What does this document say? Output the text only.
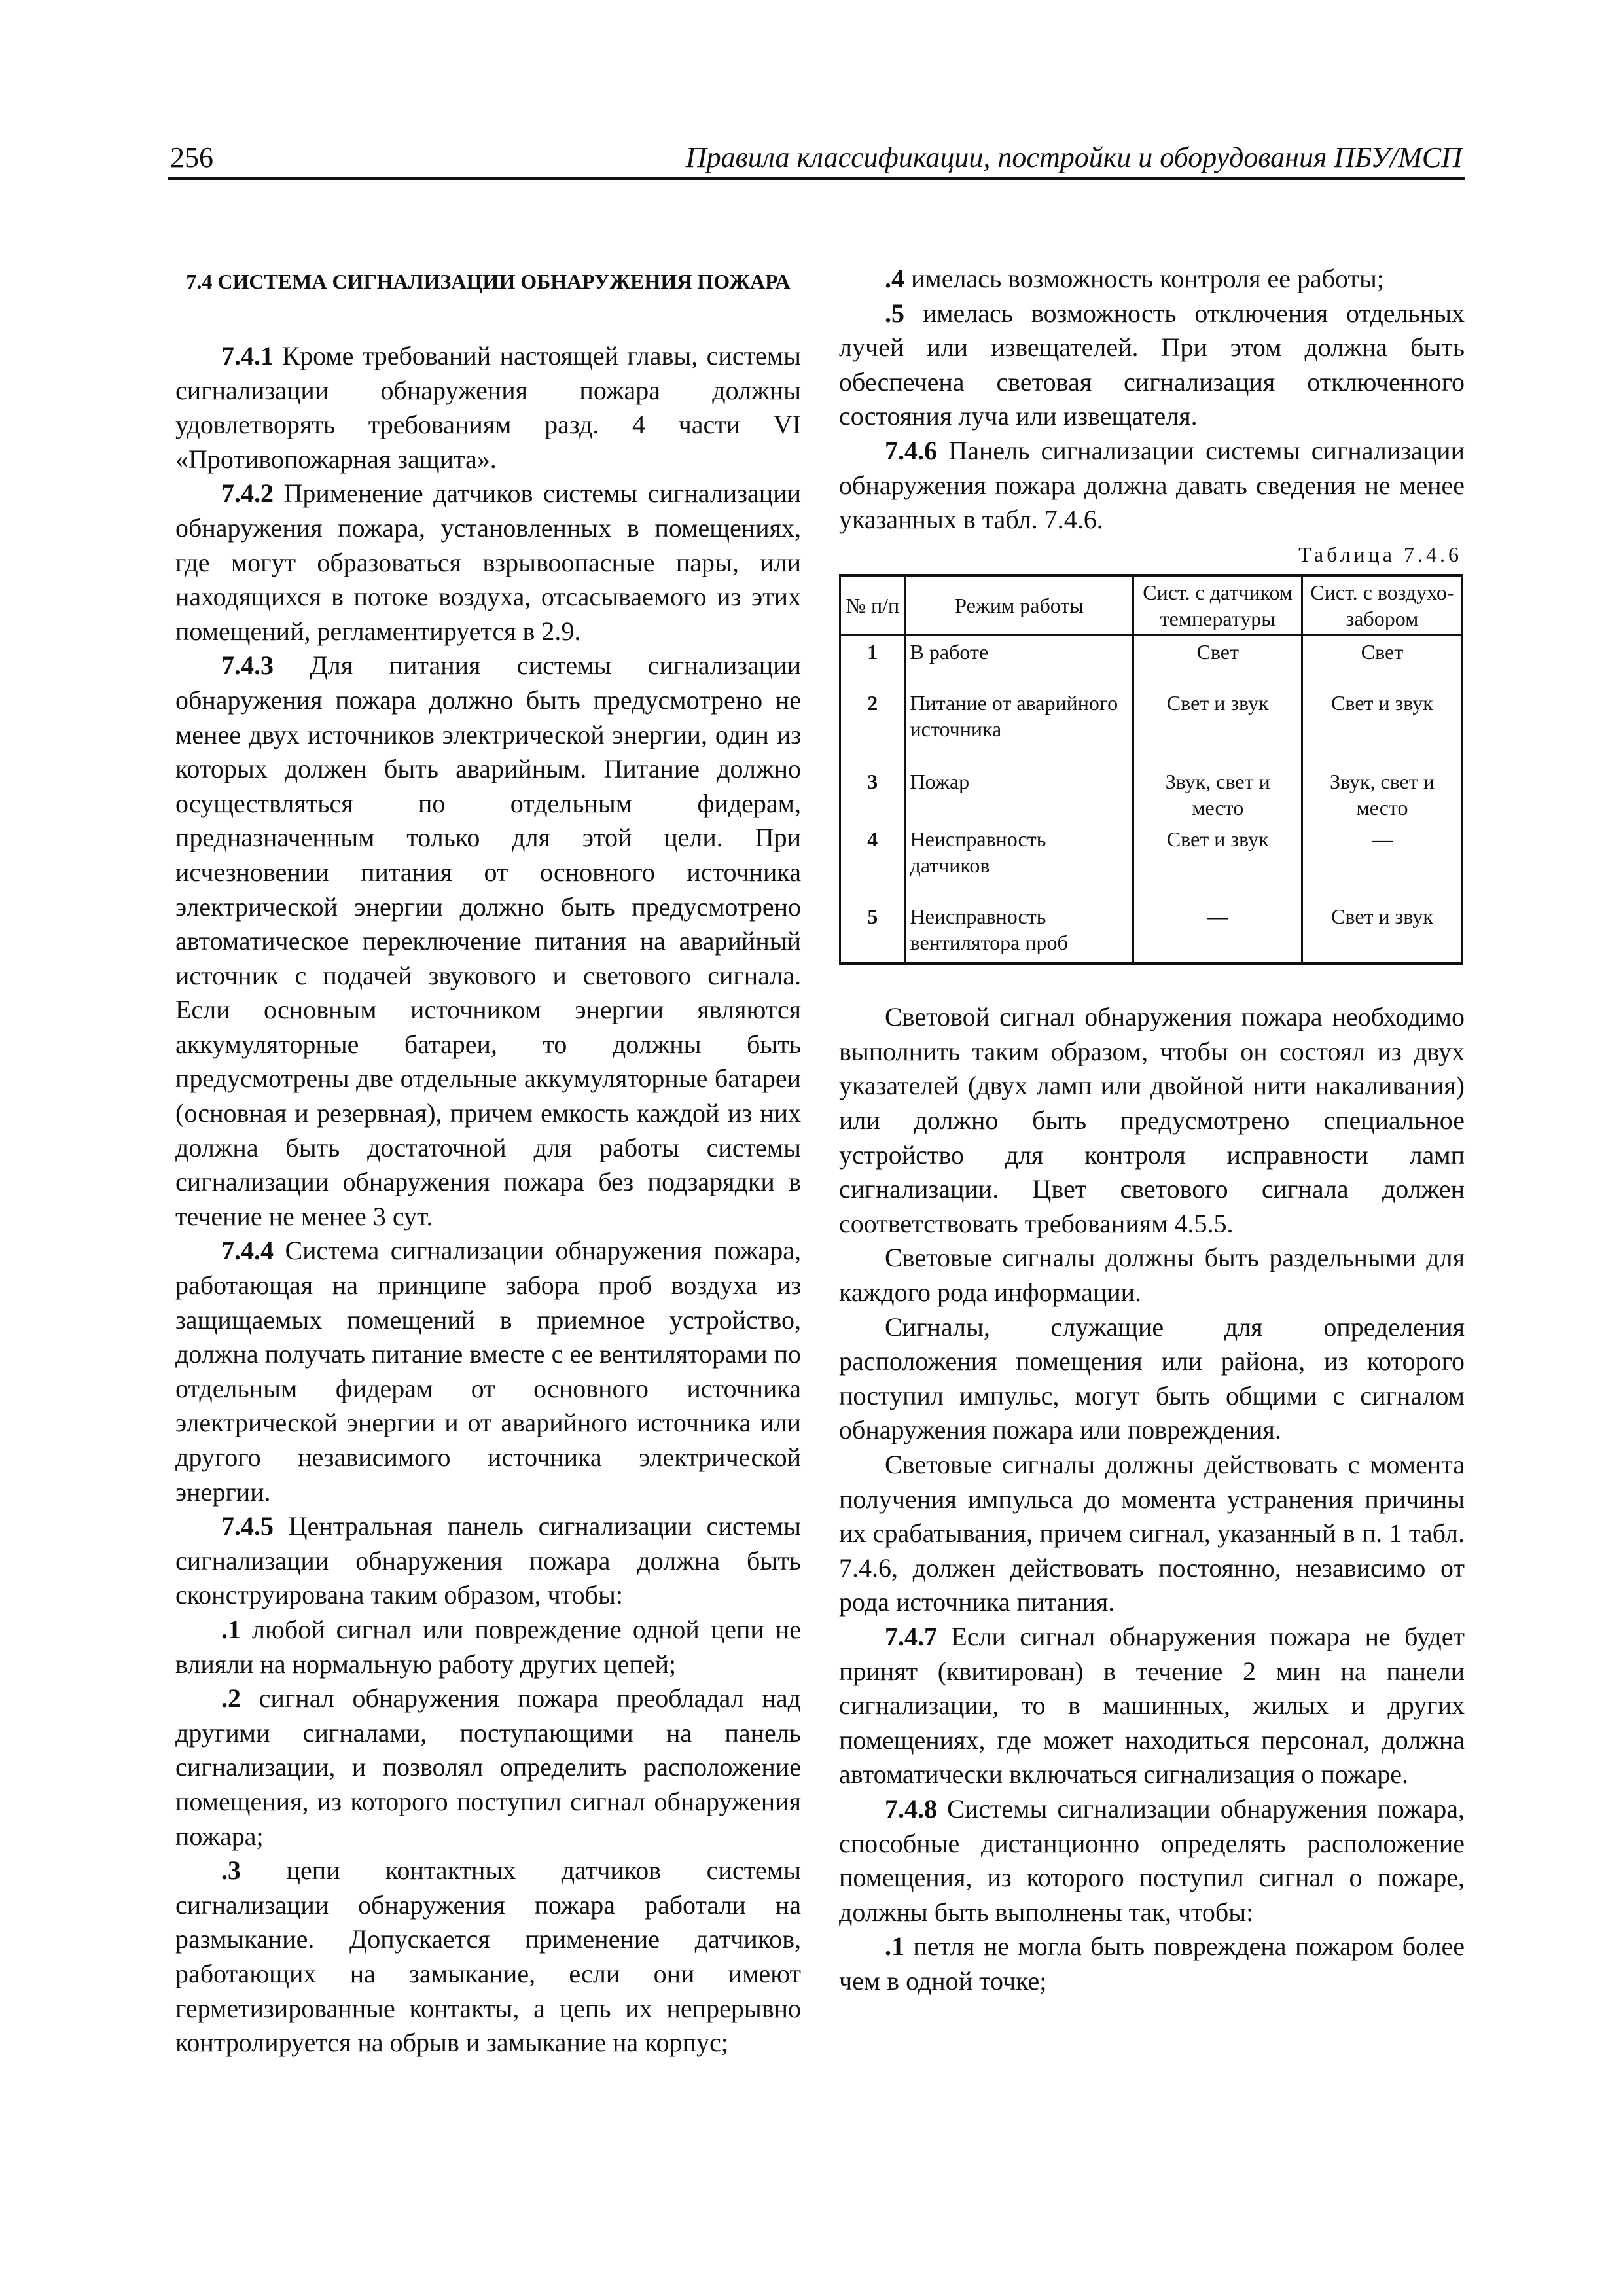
256	Правила классификации, постройки и оборудования ПБУ/МСП
7.4 СИСТЕМА СИГНАЛИЗАЦИИ ОБНАРУЖЕНИЯ ПОЖАРА

7.4.1 Кроме требований настоящей главы, системы сигнализации обнаружения пожара должны удовлетворять требованиям разд. 4 части VI «Противопожарная защита».

7.4.2 Применение датчиков системы сигнализации обнаружения пожара, установленных в помещениях, где могут образоваться взрывоопасные пары, или находящихся в потоке воздуха, отсасываемого из этих помещений, регламентируется в 2.9.

7.4.3 Для питания системы сигнализации обнаружения пожара должно быть предусмотрено не менее двух источников электрической энергии, один из которых должен быть аварийным. Питание должно осуществляться по отдельным фидерам, предназначенным только для этой цели. При исчезновении питания от основного источника электрической энергии должно быть предусмотрено автоматическое переключение питания на аварийный источник с подачей звукового и светового сигнала. Если основным источником энергии являются аккумуляторные батареи, то должны быть предусмотрены две отдельные аккумуляторные батареи (основная и резервная), причем емкость каждой из них должна быть достаточной для работы системы сигнализации обнаружения пожара без подзарядки в течение не менее 3 сут.

7.4.4 Система сигнализации обнаружения пожара, работающая на принципе забора проб воздуха из защищаемых помещений в приемное устройство, должна получать питание вместе с ее вентиляторами по отдельным фидерам от основного источника электрической энергии и от аварийного источника или другого независимого источника электрической энергии.

7.4.5 Центральная панель сигнализации системы сигнализации обнаружения пожара должна быть сконструирована таким образом, чтобы:

.1 любой сигнал или повреждение одной цепи не влияли на нормальную работу других цепей;

.2 сигнал обнаружения пожара преобладал над другими сигналами, поступающими на панель сигнализации, и позволял определить расположение помещения, из которого поступил сигнал обнаружения пожара;

.3 цепи контактных датчиков системы сигнализации обнаружения пожара работали на размыкание. Допускается применение датчиков, работающих на замыкание, если они имеют герметизированные контакты, а цепь их непрерывно контролируется на обрыв и замыкание на корпус;

.4 имелась возможность контроля ее работы;

.5 имелась возможность отключения отдельных лучей или извещателей. При этом должна быть обеспечена световая сигнализация отключенного состояния луча или извещателя.

7.4.6 Панель сигнализации системы сигнализации обнаружения пожара должна давать сведения не менее указанных в табл. 7.4.6.

Таблица 7.4.6
№ п/п	Режим работы	Сист. с датчиком температуры	Сист. с воздухо-забором
1	В работе	Свет	Свет
2	Питание от аварийного источника	Свет и звук	Свет и звук
3	Пожар	Звук, свет и место	Звук, свет и место
4	Неисправность датчиков	Свет и звук	—
5	Неисправность вентилятора проб	—	Свет и звук

Световой сигнал обнаружения пожара необходимо выполнить таким образом, чтобы он состоял из двух указателей (двух ламп или двойной нити накаливания) или должно быть предусмотрено специальное устройство для контроля исправности ламп сигнализации. Цвет светового сигнала должен соответствовать требованиям 4.5.5.

Световые сигналы должны быть раздельными для каждого рода информации.

Сигналы, служащие для определения расположения помещения или района, из которого поступил импульс, могут быть общими с сигналом обнаружения пожара или повреждения.

Световые сигналы должны действовать с момента получения импульса до момента устранения причины их срабатывания, причем сигнал, указанный в п. 1 табл. 7.4.6, должен действовать постоянно, независимо от рода источника питания.

7.4.7 Если сигнал обнаружения пожара не будет принят (квитирован) в течение 2 мин на панели сигнализации, то в машинных, жилых и других помещениях, где может находиться персонал, должна автоматически включаться сигнализация о пожаре.

7.4.8 Системы сигнализации обнаружения пожара, способные дистанционно определять расположение помещения, из которого поступил сигнал о пожаре, должны быть выполнены так, чтобы:

.1 петля не могла быть повреждена пожаром более чем в одной точке;
